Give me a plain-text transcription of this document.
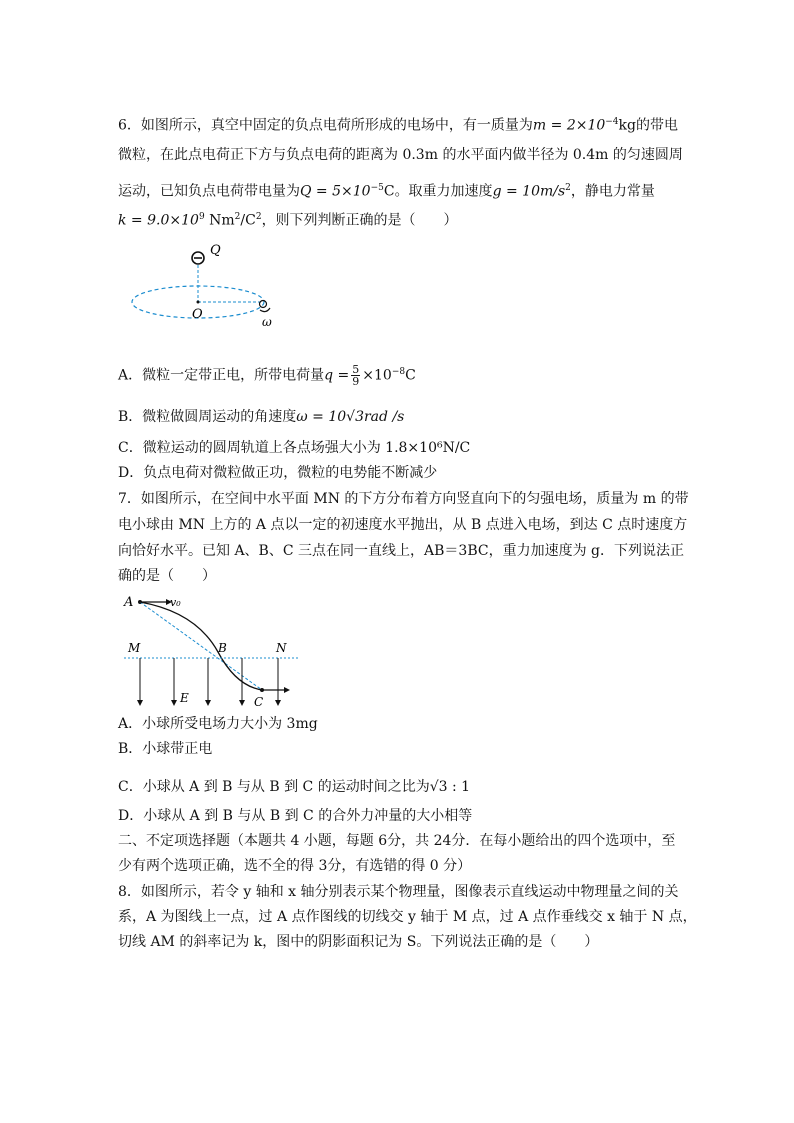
6．如图所示，真空中固定的负点电荷所形成的电场中，有一质量为$m = 2\times 10^{-4}kg$的带电
微粒，在此点电荷正下方与负点电荷的距离为 0.3m 的水平面内做半径为 0.4m 的匀速圆周
运动，已知负点电荷带电量为$Q = 5\times 10^{-5}C$。取重力加速度$g = 10m/s^2$，静电力常量
$k = 9.0\times 10^9$ $Nm^2/C^2$，则下列判断正确的是（　　）
Q
O	ω
A．微粒一定带正电，所带电荷量$q = \frac{5}{9} \times 10^{-8}C$
B．微粒做圆周运动的角速度ω = 10√3rad /s
C．微粒运动的圆周轨道上各点场强大小为 1.8×10⁶N/C
D．负点电荷对微粒做正功，微粒的电势能不断减少
7．如图所示，在空间中水平面 MN 的下方分布着方向竖直向下的匀强电场，质量为 m 的带
电小球由 MN 上方的 A 点以一定的初速度水平抛出，从 B 点进入电场，到达 C 点时速度方
向恰好水平。已知 A、B、C 三点在同一直线上，AB＝3BC，重力加速度为 g．下列说法正
确的是（　　）
A	v₀
M	B	N
E	C
A．小球所受电场力大小为 3mg
B．小球带正电
C．小球从 A 到 B 与从 B 到 C 的运动时间之比为√3 : 1
D．小球从 A 到 B 与从 B 到 C 的合外力冲量的大小相等
二、不定项选择题（本题共 4 小题，每题 6分，共 24分．在每小题给出的四个选项中，至
少有两个选项正确，选不全的得 3分，有选错的得 0 分）
8．如图所示，若令 y 轴和 x 轴分别表示某个物理量，图像表示直线运动中物理量之间的关
系，A 为图线上一点，过 A 点作图线的切线交 y 轴于 M 点，过 A 点作垂线交 x 轴于 N 点，
切线 AM 的斜率记为 k，图中的阴影面积记为 S。下列说法正确的是（　　）
